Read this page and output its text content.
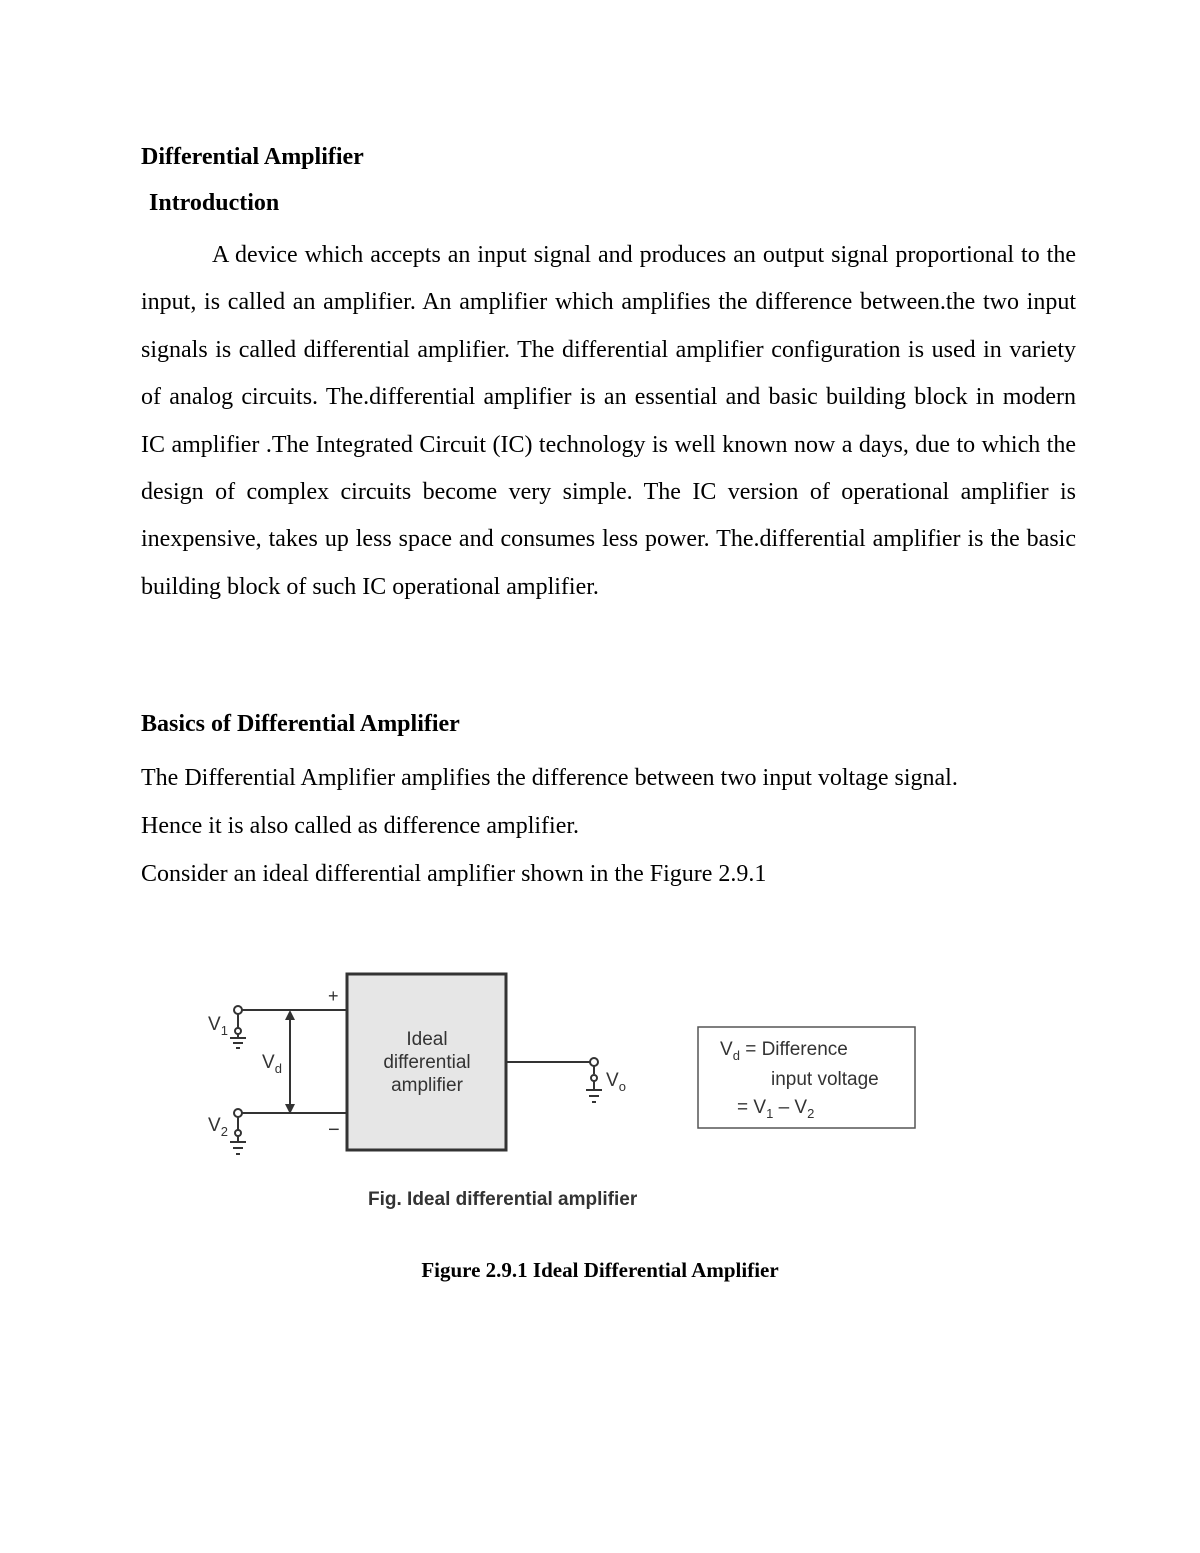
Differential Amplifier
Introduction

A device which accepts an input signal and produces an output signal proportional to the input, is called an amplifier. An amplifier which amplifies the difference between.the two input signals is called differential amplifier. The differential amplifier configuration is used in variety of analog circuits. The.differential amplifier is an essential and basic building block in modern IC amplifier .The Integrated Circuit (IC) technology is well known now a days, due to which the design of complex circuits become very simple. The IC version of operational amplifier is inexpensive, takes up less space and consumes less power. The.differential amplifier is the basic building block of such IC operational amplifier.

Basics of Differential Amplifier
The Differential Amplifier amplifies the difference between two input voltage signal.
Hence it is also called as difference amplifier.
Consider an ideal differential amplifier shown in the Figure 2.9.1
+
−
$V_1$
$V_2$
$V_d$
$V_o$
Ideal
differential
amplifier
$V_d$ = Difference
input voltage
= $V_1 - V_2$
Fig. Ideal differential amplifier
Figure 2.9.1 Ideal Differential Amplifier
